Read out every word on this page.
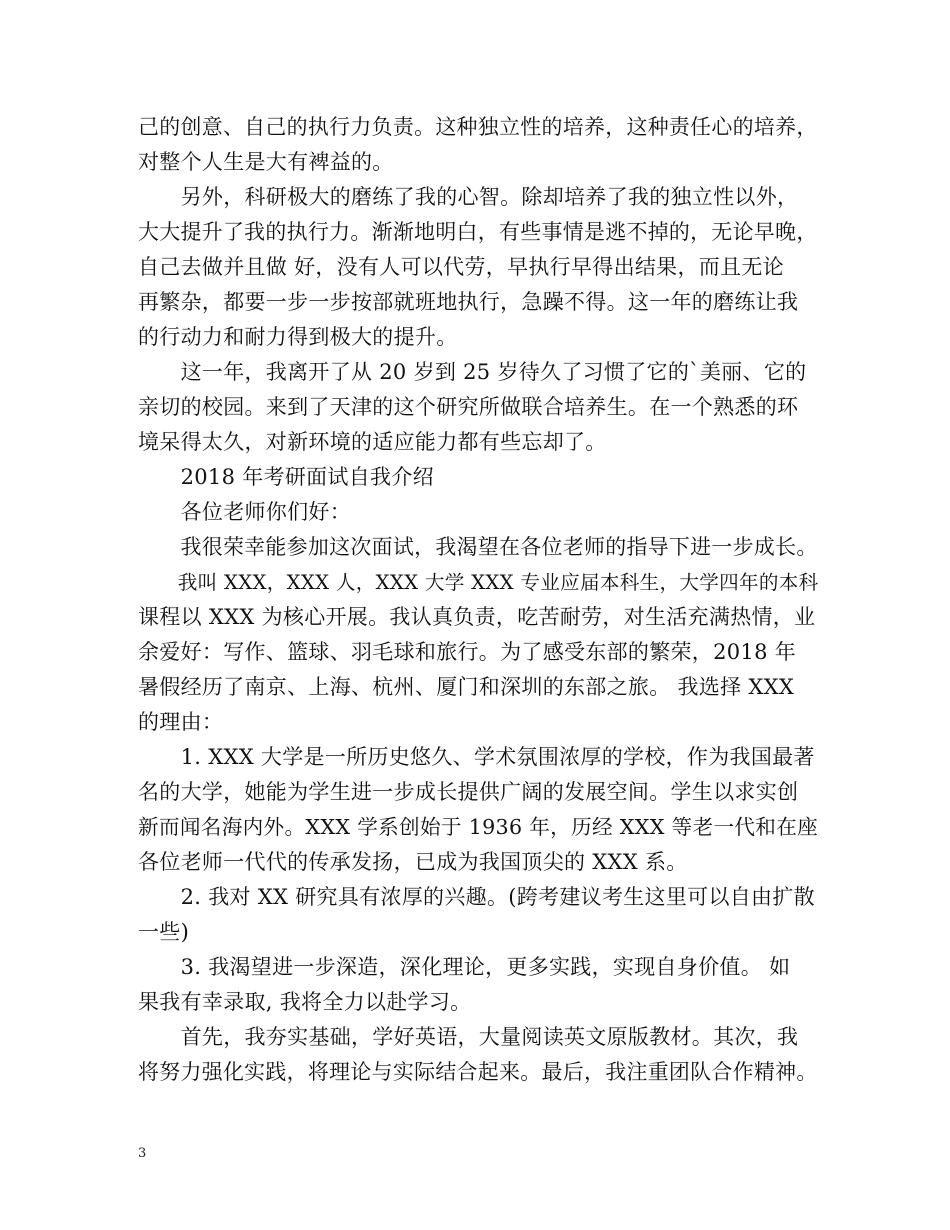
己的创意、自己的执行力负责。这种独立性的培养，这种责任心的培养，
对整个人生是大有裨益的。

　　另外，科研极大的磨练了我的心智。除却培养了我的独立性以外，
大大提升了我的执行力。渐渐地明白，有些事情是逃不掉的，无论早晚，
自己去做并且做 好，没有人可以代劳，早执行早得出结果，而且无论
再繁杂，都要一步一步按部就班地执行，急躁不得。这一年的磨练让我
的行动力和耐力得到极大的提升。

　　这一年，我离开了从 20 岁到 25 岁待久了习惯了它的`美丽、它的
亲切的校园。来到了天津的这个研究所做联合培养生。在一个熟悉的环
境呆得太久，对新环境的适应能力都有些忘却了。

　　2018 年考研面试自我介绍

　　各位老师你们好：

　　我很荣幸能参加这次面试，我渴望在各位老师的指导下进一步成长。

　　我叫 XXX，XXX 人，XXX 大学 XXX 专业应届本科生，大学四年的本科
课程以 XXX 为核心开展。我认真负责，吃苦耐劳，对生活充满热情，业
余爱好：写作、篮球、羽毛球和旅行。为了感受东部的繁荣，2018 年
暑假经历了南京、上海、杭州、厦门和深圳的东部之旅。 我选择 XXX
的理由：

　　1. XXX 大学是一所历史悠久、学术氛围浓厚的学校，作为我国最著
名的大学，她能为学生进一步成长提供广阔的发展空间。学生以求实创
新而闻名海内外。XXX 学系创始于 1936 年，历经 XXX 等老一代和在座
各位老师一代代的传承发扬，已成为我国顶尖的 XXX 系。

　　2. 我对 XX 研究具有浓厚的兴趣。(跨考建议考生这里可以自由扩散
一些)

　　3. 我渴望进一步深造，深化理论，更多实践，实现自身价值。 如
果我有幸录取, 我将全力以赴学习。

　　首先，我夯实基础，学好英语，大量阅读英文原版教材。其次，我
将努力强化实践，将理论与实际结合起来。最后，我注重团队合作精神。

3
